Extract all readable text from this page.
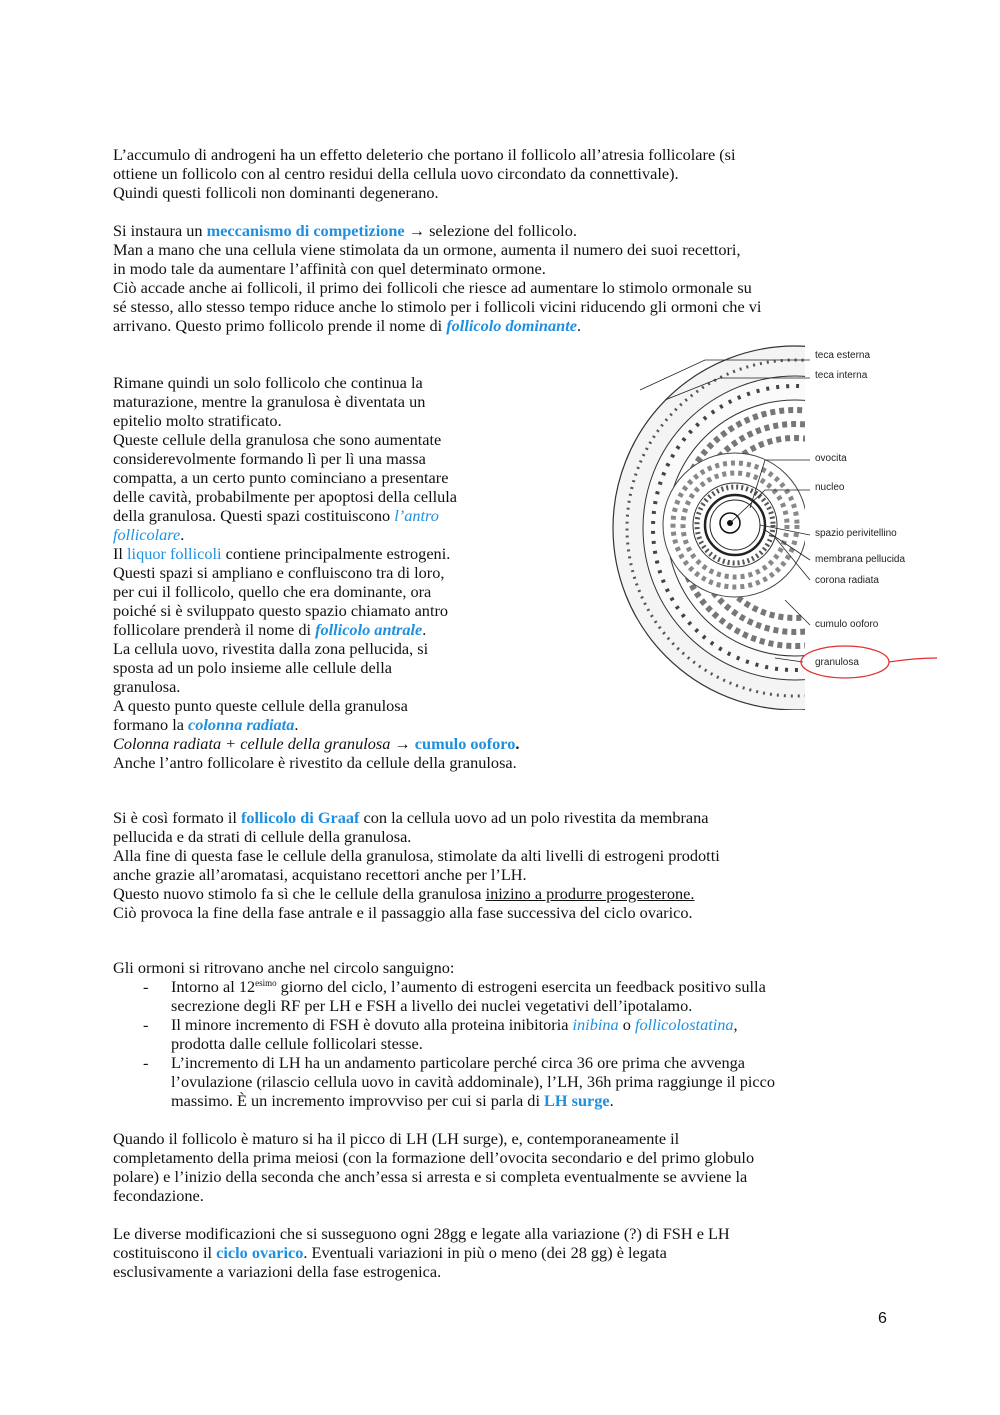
L’accumulo di androgeni ha un effetto deleterio che portano il follicolo all’atresia follicolare (si

ottiene un follicolo con al centro residui della cellula uovo circondato da connettivale).

Quindi questi follicoli non dominanti degenerano.

Si instaura un meccanismo di competizione → selezione del follicolo.

Man a mano che una cellula viene stimolata da un ormone, aumenta il numero dei suoi recettori,

in modo tale da aumentare l’affinità con quel determinato ormone.

Ciò accade anche ai follicoli, il primo dei follicoli che riesce ad aumentare lo stimolo ormonale su

sé stesso, allo stesso tempo riduce anche lo stimolo per i follicoli vicini riducendo gli ormoni che vi

arrivano. Questo primo follicolo prende il nome di follicolo dominante.

Rimane quindi un solo follicolo che continua la

maturazione, mentre la granulosa è diventata un

epitelio molto stratificato.

Queste cellule della granulosa che sono aumentate

considerevolmente formando lì per lì una massa

compatta, a un certo punto cominciano a presentare

delle cavità, probabilmente per apoptosi della cellula

della granulosa. Questi spazi costituiscono l’antro

follicolare.

Il liquor follicoli contiene principalmente estrogeni.

Questi spazi si ampliano e confluiscono tra di loro,

per cui il follicolo, quello che era dominante, ora

poiché si è sviluppato questo spazio chiamato antro

follicolare prenderà il nome di follicolo antrale.

La cellula uovo, rivestita dalla zona pellucida, si

sposta ad un polo insieme alle cellule della

granulosa.

A questo punto queste cellule della granulosa

formano la colonna radiata.

Colonna radiata + cellule della granulosa → cumulo ooforo.

Anche l’antro follicolare è rivestito da cellule della granulosa.

teca esterna
teca interna
ovocita
nucleo
spazio perivitellino
membrana pellucida
corona radiata
cumulo ooforo
granulosa

Si è così formato il follicolo di Graaf con la cellula uovo ad un polo rivestita da membrana

pellucida e da strati di cellule della granulosa.

Alla fine di questa fase le cellule della granulosa, stimolate da alti livelli di estrogeni prodotti

anche grazie all’aromatasi, acquistano recettori anche per l’LH.

Questo nuovo stimolo fa sì che le cellule della granulosa inizino a produrre progesterone.

Ciò provoca la fine della fase antrale e il passaggio alla fase successiva del ciclo ovarico.

Gli ormoni si ritrovano anche nel circolo sanguigno:

- Intorno al $12^{esimo}$ giorno del ciclo, l’aumento di estrogeni esercita un feedback positivo sulla
secrezione degli RF per LH e FSH a livello dei nuclei vegetativi dell’ipotalamo.
- Il minore incremento di FSH è dovuto alla proteina inibitoria inibina o follicolostatina,
prodotta dalle cellule follicolari stesse.
- L’incremento di LH ha un andamento particolare perché circa 36 ore prima che avvenga
l’ovulazione (rilascio cellula uovo in cavità addominale), l’LH, 36h prima raggiunge il picco
massimo. È un incremento improvviso per cui si parla di LH surge.

Quando il follicolo è maturo si ha il picco di LH (LH surge), e, contemporaneamente il

completamento della prima meiosi (con la formazione dell’ovocita secondario e del primo globulo

polare) e l’inizio della seconda che anch’essa si arresta e si completa eventualmente se avviene la

fecondazione.

Le diverse modificazioni che si susseguono ogni 28gg e legate alla variazione (?) di FSH e LH

costituiscono il ciclo ovarico. Eventuali variazioni in più o meno (dei 28 gg) è legata

esclusivamente a variazioni della fase estrogenica.

6
